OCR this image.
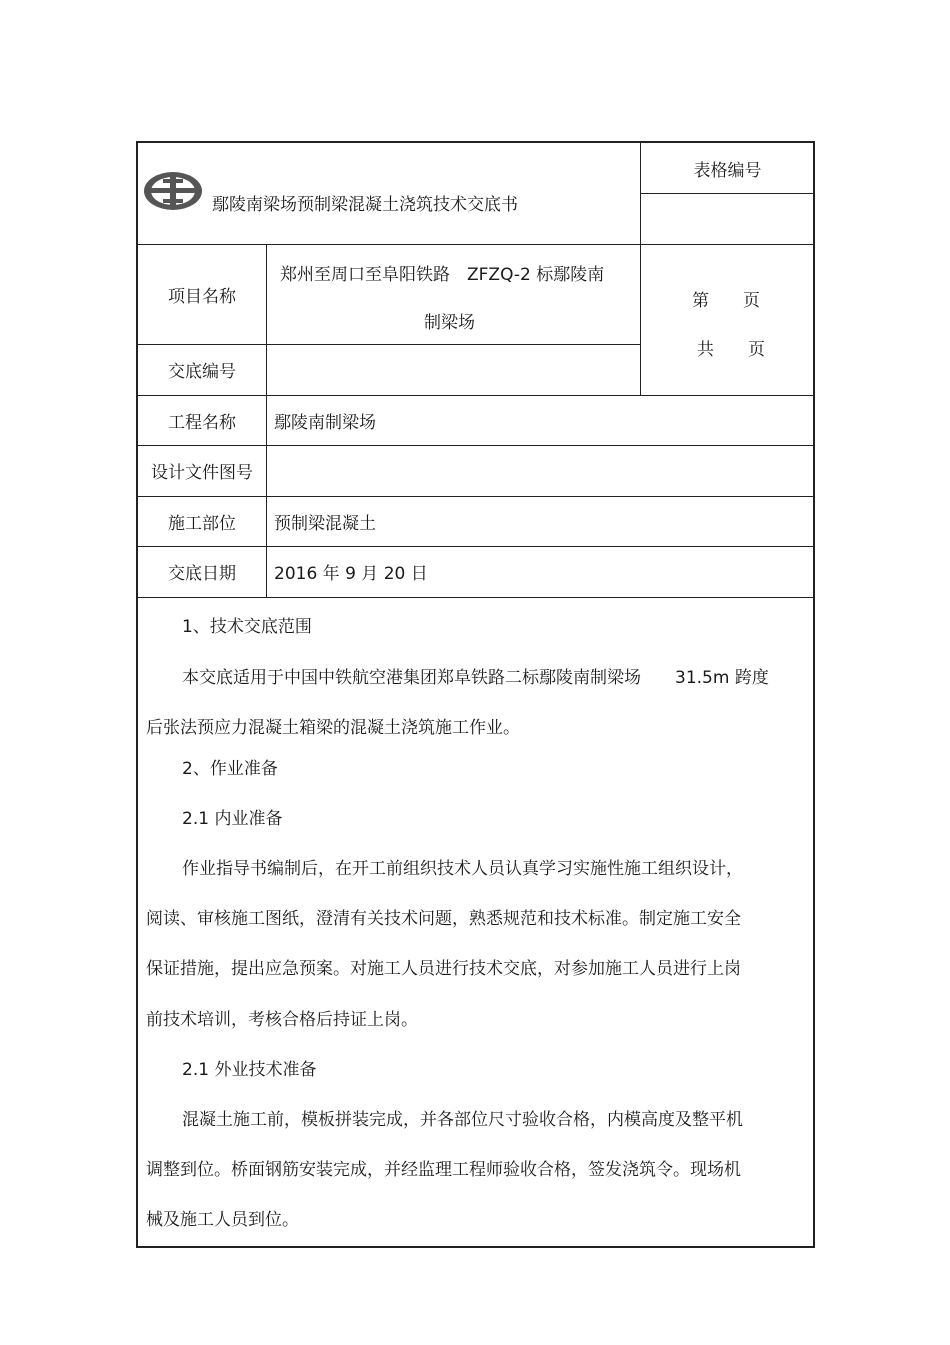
鄢陵南梁场预制梁混凝土浇筑技术交底书
表格编号
项目名称
郑州至周口至阜阳铁路　ZFZQ-2 标鄢陵南
制梁场
第　　页
共　　页
交底编号
工程名称 鄢陵南制梁场
设计文件图号
施工部位 预制梁混凝土
交底日期 2016 年 9 月 20 日
1、技术交底范围
本交底适用于中国中铁航空港集团郑阜铁路二标鄢陵南制梁场　　31.5m 跨度
后张法预应力混凝土箱梁的混凝土浇筑施工作业。
2、作业准备
2.1 内业准备
作业指导书编制后，在开工前组织技术人员认真学习实施性施工组织设计，
阅读、审核施工图纸，澄清有关技术问题，熟悉规范和技术标准。制定施工安全
保证措施，提出应急预案。对施工人员进行技术交底，对参加施工人员进行上岗
前技术培训，考核合格后持证上岗。
2.1 外业技术准备
混凝土施工前，模板拼装完成，并各部位尺寸验收合格，内模高度及整平机
调整到位。桥面钢筋安装完成，并经监理工程师验收合格，签发浇筑令。现场机
械及施工人员到位。
